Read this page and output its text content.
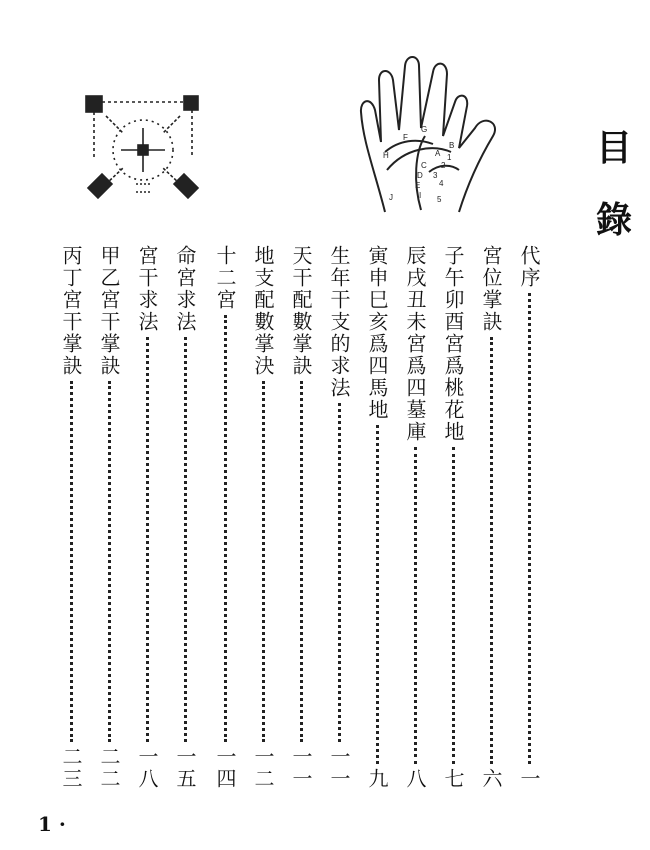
A
B
C
D
E
F
G
H
I
J
1
2
3
4
5
目
錄
代序
一
宮位掌訣
六
子午卯酉宮爲桃花地
七
辰戌丑未宮爲四墓庫
八
寅申巳亥爲四馬地
九
生年干支的求法
一一
天干配數掌訣
一一
地支配數掌決
一二
十二宮
一四
命宮求法
一五
宮干求法
一八
甲乙宮干掌訣
二二
丙丁宮干掌訣
二三
1 ·
